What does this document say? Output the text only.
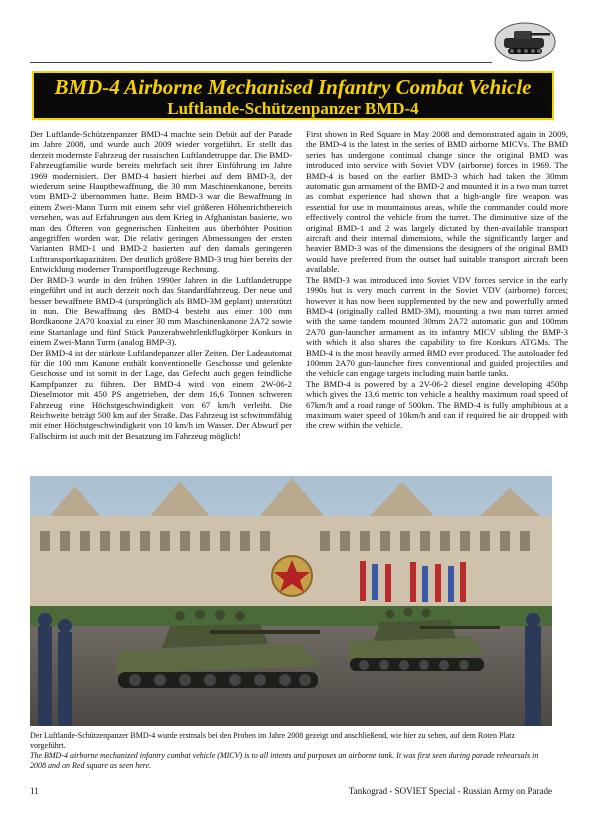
BMD-4 Airborne Mechanised Infantry Combat Vehicle
Luftlande-Schützenpanzer BMD-4

Der Luftlande-Schützenpanzer BMD-4 machte sein Debüt auf der Parade im Jahre 2008, und wurde auch 2009 wieder vorgeführt. Er stellt das derzeit modernste Fahrzeug der russischen Luftlandetruppe dar. Die BMD-Fahrzeugfamilie wurde bereits mehrfach seit ihrer Einführung im Jahre 1969 modernisiert. Der BMD-4 basiert hierbei auf dem BMD-3, der wiederum seine Hauptbewaffnung, die 30 mm Maschinenkanone, bereits vom BMD-2 übernommen hatte. Beim BMD-3 war die Bewaffnung in einem Zwei-Mann Turm mit einem sehr viel größeren Höhenrichtbereich versehen, was auf Erfahrungen aus dem Krieg in Afghanistan basierte, wo man des Öfteren von gegnerischen Einheiten aus überhöhter Position angegriffen worden war. Die relativ geringen Abmessungen der ersten Varianten BMD-1 und BMD-2 basierten auf den damals geringeren Lufttransportkapazitäten. Der deutlich größere BMD-3 trug hier bereits der Entwicklung moderner Transportflugzeuge Rechnung.

Der BMD-3 wurde in den frühen 1990er Jahren in die Luftlandetruppe eingeführt und ist auch derzeit noch das Standardfahrzeug. Der neue und besser bewaffnete BMD-4 (ursprünglich als BMD-3M geplant) unterstützt in nun. Die Bewaffnung des BMD-4 besteht aus einer 100 mm Bordkanone 2A70 koaxial zu einer 30 mm Maschinenkanone 2A72 sowie eine Startanlage und fünf Stück Panzerabwehrlenkflugkörper Konkurs in einem Zwei-Mann Turm (analog BMP-3).

Der BMD-4 ist der stärkste Luftlandepanzer aller Zeiten. Der Ladeautomat für die 100 mm Kanone enthält konventionelle Geschosse und gelenkte Geschosse und ist somit in der Lage, das Gefecht auch gegen feindliche Kampfpanzer zu führen. Der BMD-4 wird von einem 2W-06-2 Dieselmotor mit 450 PS angetrieben, der dem 16,6 Tonnen schweren Fahrzeug eine Höchstgeschwindigkeit von 67 km/h verleiht. Die Reichweite beträgt 500 km auf der Straße. Das Fahrzeug ist schwimmfähig mit einer Höchstgeschwindigkeit von 10 km/h im Wasser. Der Abwurf per Fallschirm ist auch mit der Besatzung im Fahrzeug möglich!

First shown in Red Square in May 2008 and demonstrated again in 2009, the BMD-4 is the latest in the series of BMD airborne MICVs. The BMD series has undergone continual change since the original BMD was introduced into service with Soviet VDV (airborne) forces in 1969. The BMD-4 is based on the earlier BMD-3 which had taken the 30mm automatic gun armament of the BMD-2 and mounted it in a two man turret as combat experience had shown that a high-angle fire weapon was essential for use in mountainous areas, while the commander could more effectively control the vehicle from the turret. The diminutive size of the original BMD-1 and 2 was largely dictated by then-available transport aircraft and their internal dimensions, while the significantly larger and heavier BMD-3 was of the dimensions the designers of the original BMD would have preferred from the outset had suitable transport aircraft been available.

The BMD-3 was introduced into Soviet VDV forces service in the early 1990s but is very much current in the Soviet VDV (airborne) forces; however it has now been supplemented by the new and powerfully armed BMD-4 (originally called BMD-3M), mounting a two man turret armed with the same tandem mounted 30mm 2A72 automatic gun and 100mm 2A70 gun-launcher armament as its infantry MICV sibling the BMP-3 with which it also shares the capability to fire Konkurs ATGMs. The BMD-4 is the most heavily armed BMD ever produced. The autoloader fed 100mm 2A70 gun-launcher fires conventional and guided projectiles and the vehicle can engage targets including main battle tanks.

The BMD-4 is powered by a 2V-06-2 diesel engine developing 450hp which gives the 13.6 metric ton vehicle a healthy maximum road speed of 67km/h and a road range of 500km. The BMD-4 is fully amphibious at a maximum water speed of 10km/h and can if required be air dropped with the crew within the vehicle.

Der Luftlande-Schützenpanzer BMD-4 wurde erstmals bei den Proben im Jahre 2008 gezeigt und anschließend, wie hier zu sehen, auf dem Roten Platz vorgeführt.

The BMD-4 airborne mechanized infantry combat vehicle (MICV) is to all intents and purposes an airborne tank. It was first seen during parade rehearsals in 2008 and on Red square as seen here.

11	Tankograd - SOVIET Special - Russian Army on Parade
